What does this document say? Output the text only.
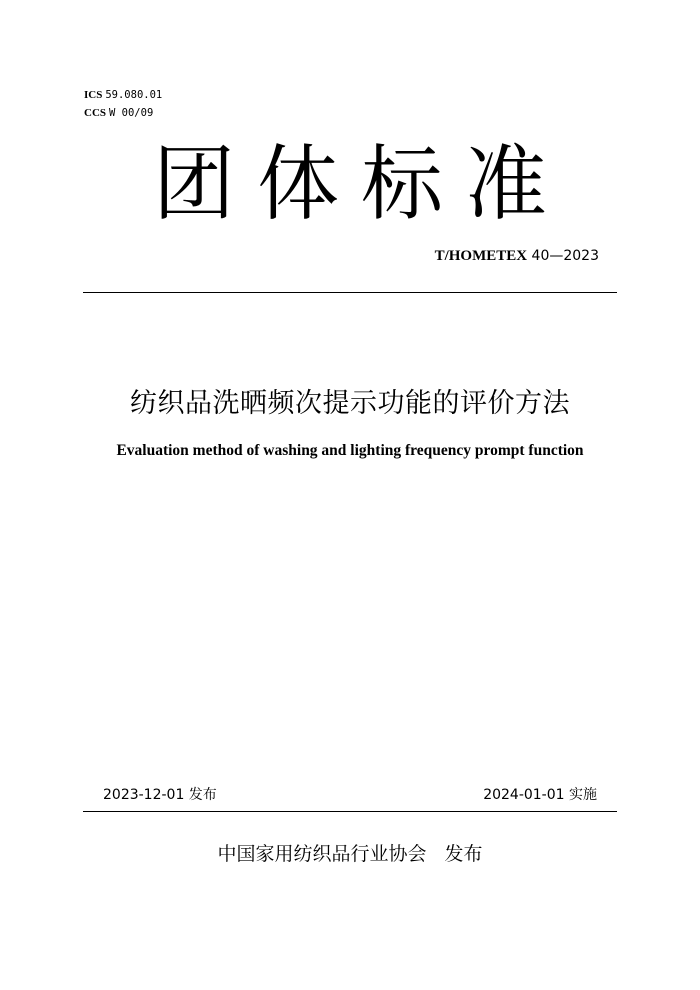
ICS 59.080.01
CCS W 00/09
团体标准
T/HOMETEX 40—2023
纺织品洗晒频次提示功能的评价方法
Evaluation method of washing and lighting frequency prompt function
2023-12-01 发布	2024-01-01 实施
中国家用纺织品行业协会   发布
